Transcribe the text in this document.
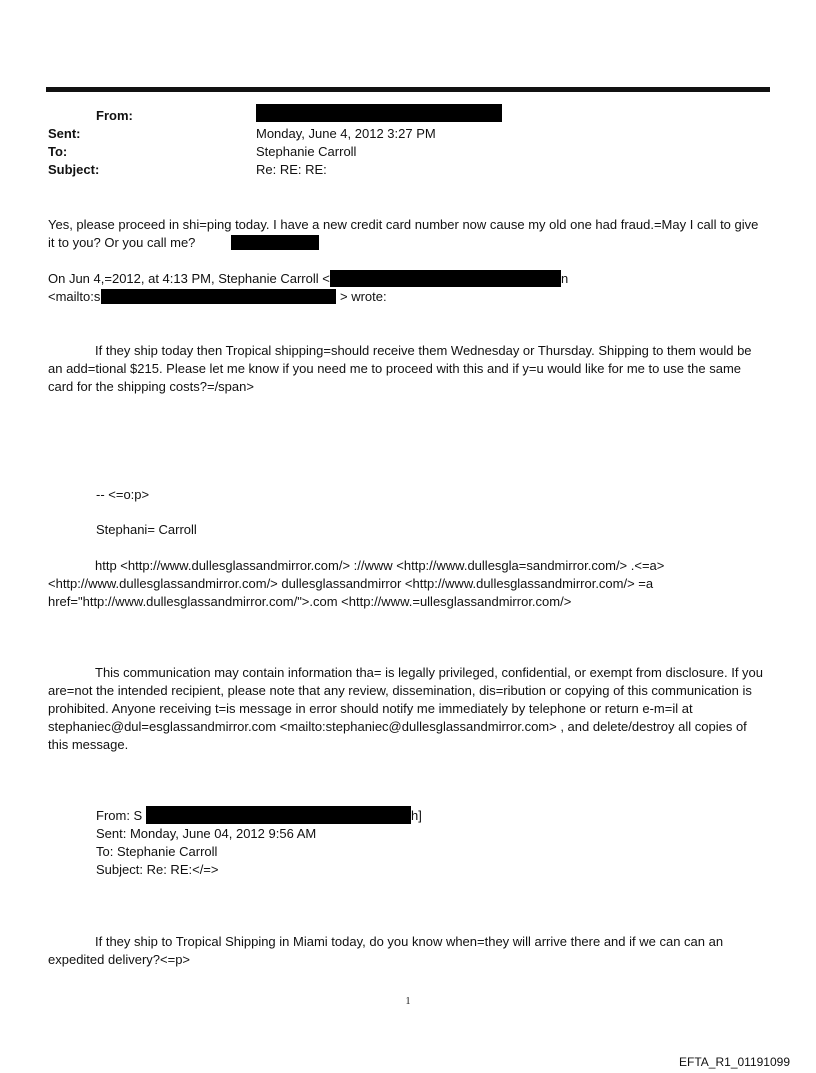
From:
Sent:	Monday, June 4, 2012 3:27 PM
To:	Stephanie Carroll
Subject:	Re: RE: RE:

Yes, please proceed in shi=ping today. I have a new credit card number now cause my old one had fraud.=May I call to give it to you? Or you call me?

On Jun 4,=2012, at 4:13 PM, Stephanie Carroll <	n
<mailto:s	> wrote:

If they ship today then Tropical shipping=should receive them Wednesday or Thursday. Shipping to them would be an add=tional $215. Please let me know if you need me to proceed with this and if y=u would like for me to use the same card for the shipping costs?=/span>

-- <=o:p>
Stephani= Carroll

http <http://www.dullesglassandmirror.com/> ://www <http://www.dullesgla=sandmirror.com/> .<=a> <http://www.dullesglassandmirror.com/> dullesglassandmirror <http://www.dullesglassandmirror.com/> =a href="http://www.dullesglassandmirror.com/">.com <http://www.=ullesglassandmirror.com/>

This communication may contain information tha= is legally privileged, confidential, or exempt from disclosure. If you are=not the intended recipient, please note that any review, dissemination, dis=ribution or copying of this communication is prohibited. Anyone receiving t=is message in error should notify me immediately by telephone or return e-m=il at stephaniec@dul=esglassandmirror.com <mailto:stephaniec@dullesglassandmirror.com> , and delete/destroy all copies of this message.

From: S	h]
Sent: Monday, June 04, 2012 9:56 AM
To: Stephanie Carroll
Subject: Re: RE:</=>

If they ship to Tropical Shipping in Miami today, do you know when=they will arrive there and if we can can an expedited delivery?<=p>

1
EFTA_R1_01191099
